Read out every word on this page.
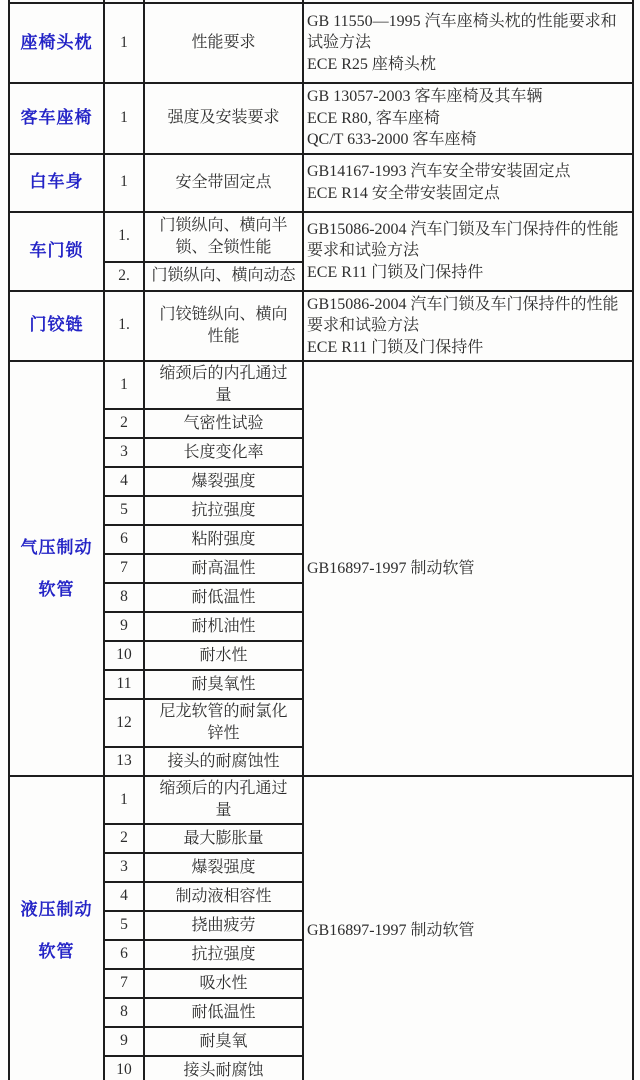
座椅头枕	1	性能要求	GB 11550—1995 汽车座椅头枕的性能要求和
试验方法
ECE R25 座椅头枕

客车座椅	1	强度及安装要求	GB 13057-2003 客车座椅及其车辆
ECE R80, 客车座椅
QC/T 633-2000 客车座椅

白车身	1	安全带固定点	GB14167-1993 汽车安全带安装固定点
ECE R14 安全带安装固定点

车门锁	1.	门锁纵向、横向半锁、全锁性能	GB15086-2004 汽车门锁及车门保持件的性能
要求和试验方法
ECE R11 门锁及门保持件

	2.	门锁纵向、横向动态	
门铰链	1.	门铰链纵向、横向性能	GB15086-2004 汽车门锁及车门保持件的性能
要求和试验方法
ECE R11 门锁及门保持件

气压制动软管	1	缩颈后的内孔通过量	GB16897-1997 制动软管

	2	气密性试验	
	3	长度变化率	
	4	爆裂强度	
	5	抗拉强度	
	6	粘附强度	
	7	耐高温性	
	8	耐低温性	
	9	耐机油性	
	10	耐水性	
	11	耐臭氧性	
	12	尼龙软管的耐氯化锌性	
	13	接头的耐腐蚀性	
液压制动软管	1	缩颈后的内孔通过量	GB16897-1997 制动软管

	2	最大膨胀量	
	3	爆裂强度	
	4	制动液相容性	
	5	挠曲疲劳	
	6	抗拉强度	
	7	吸水性	
	8	耐低温性	
	9	耐臭氧	
	10	接头耐腐蚀	
